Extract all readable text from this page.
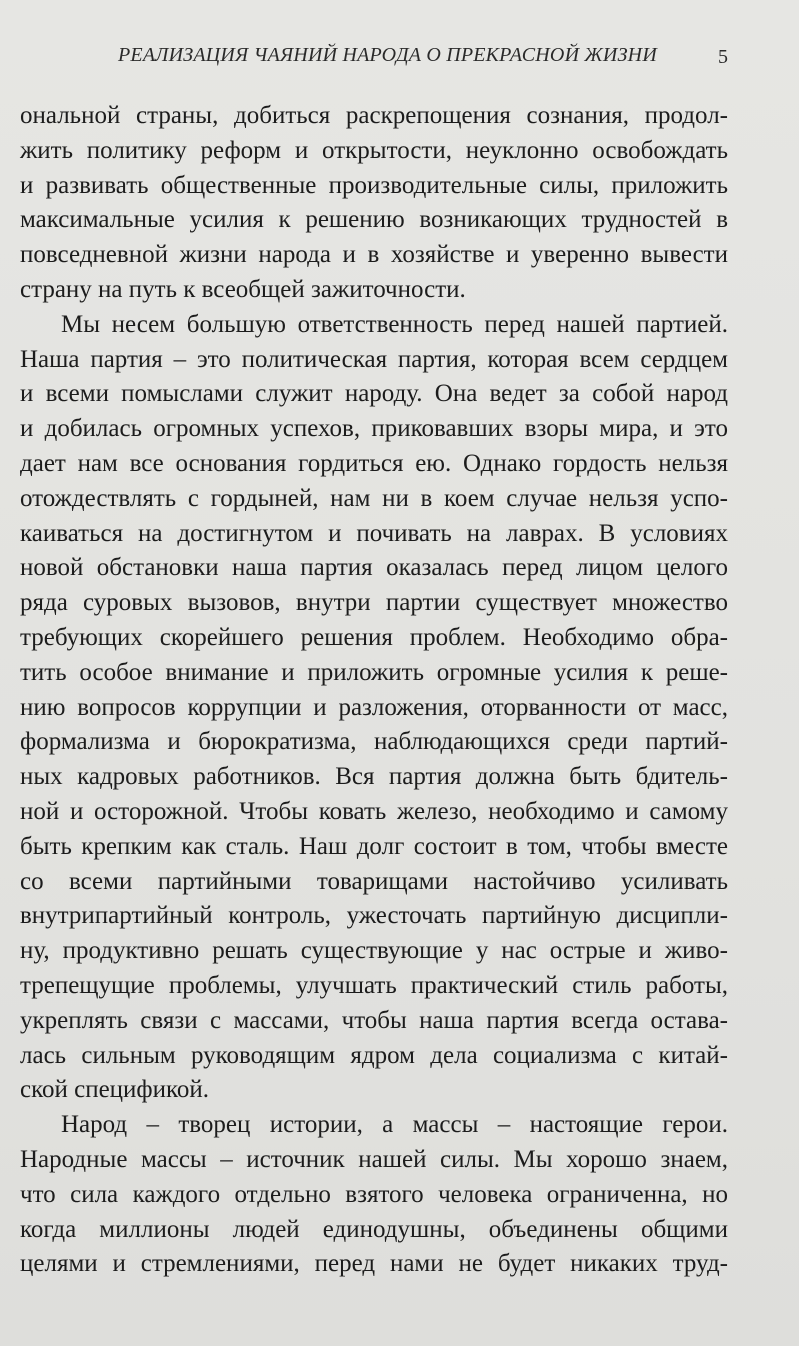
РЕАЛИЗАЦИЯ ЧАЯНИЙ НАРОДА О ПРЕКРАСНОЙ ЖИЗНИ	5
ональной страны, добиться раскрепощения сознания, продол-
жить политику реформ и открытости, неуклонно освобождать
и развивать общественные производительные силы, приложить
максимальные усилия к решению возникающих трудностей в
повседневной жизни народа и в хозяйстве и уверенно вывести
страну на путь к всеобщей зажиточности.
Мы несем большую ответственность перед нашей партией.
Наша партия – это политическая партия, которая всем сердцем
и всеми помыслами служит народу. Она ведет за собой народ
и добилась огромных успехов, приковавших взоры мира, и это
дает нам все основания гордиться ею. Однако гордость нельзя
отождествлять с гордыней, нам ни в коем случае нельзя успо-
каиваться на достигнутом и почивать на лаврах. В условиях
новой обстановки наша партия оказалась перед лицом целого
ряда суровых вызовов, внутри партии существует множество
требующих скорейшего решения проблем. Необходимо обра-
тить особое внимание и приложить огромные усилия к реше-
нию вопросов коррупции и разложения, оторванности от масс,
формализма и бюрократизма, наблюдающихся среди партий-
ных кадровых работников. Вся партия должна быть бдитель-
ной и осторожной. Чтобы ковать железо, необходимо и самому
быть крепким как сталь. Наш долг состоит в том, чтобы вместе
со всеми партийными товарищами настойчиво усиливать
внутрипартийный контроль, ужесточать партийную дисципли-
ну, продуктивно решать существующие у нас острые и живо-
трепещущие проблемы, улучшать практический стиль работы,
укреплять связи с массами, чтобы наша партия всегда остава-
лась сильным руководящим ядром дела социализма с китай-
ской спецификой.
Народ – творец истории, а массы – настоящие герои.
Народные массы – источник нашей силы. Мы хорошо знаем,
что сила каждого отдельно взятого человека ограниченна, но
когда миллионы людей единодушны, объединены общими
целями и стремлениями, перед нами не будет никаких труд-
